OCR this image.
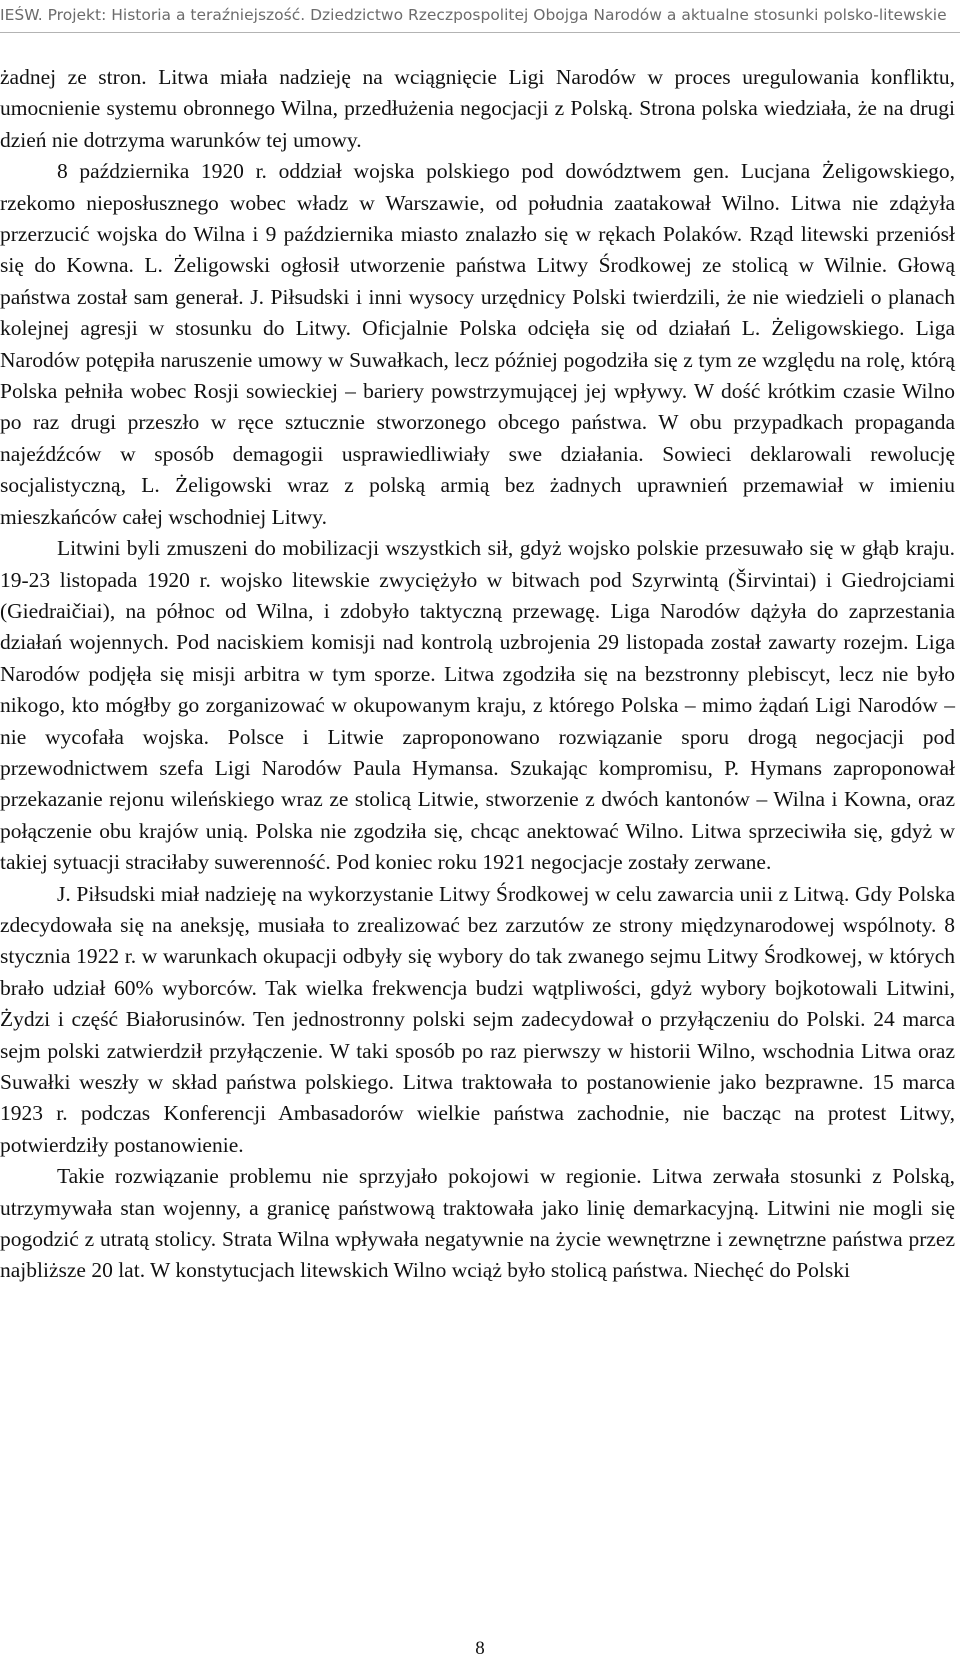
IEŚW. Projekt: Historia a teraźniejszość. Dziedzictwo Rzeczpospolitej Obojga Narodów a aktualne stosunki polsko-litewskie

żadnej ze stron. Litwa miała nadzieję na wciągnięcie Ligi Narodów w proces uregulowania konfliktu, umocnienie systemu obronnego Wilna, przedłużenia negocjacji z Polską. Strona polska wiedziała, że na drugi dzień nie dotrzyma warunków tej umowy.

8 października 1920 r. oddział wojska polskiego pod dowództwem gen. Lucjana Żeligowskiego, rzekomo nieposłusznego wobec władz w Warszawie, od południa zaatakował Wilno. Litwa nie zdążyła przerzucić wojska do Wilna i 9 października miasto znalazło się w rękach Polaków. Rząd litewski przeniósł się do Kowna. L. Żeligowski ogłosił utworzenie państwa Litwy Środkowej ze stolicą w Wilnie. Głową państwa został sam generał. J. Piłsudski i inni wysocy urzędnicy Polski twierdzili, że nie wiedzieli o planach kolejnej agresji w stosunku do Litwy. Oficjalnie Polska odcięła się od działań L. Żeligowskiego. Liga Narodów potępiła naruszenie umowy w Suwałkach, lecz później pogodziła się z tym ze względu na rolę, którą Polska pełniła wobec Rosji sowieckiej – bariery powstrzymującej jej wpływy. W dość krótkim czasie Wilno po raz drugi przeszło w ręce sztucznie stworzonego obcego państwa. W obu przypadkach propaganda najeźdźców w sposób demagogii usprawiedliwiały swe działania. Sowieci deklarowali rewolucję socjalistyczną, L. Żeligowski wraz z polską armią bez żadnych uprawnień przemawiał w imieniu mieszkańców całej wschodniej Litwy.

Litwini byli zmuszeni do mobilizacji wszystkich sił, gdyż wojsko polskie przesuwało się w głąb kraju. 19-23 listopada 1920 r. wojsko litewskie zwyciężyło w bitwach pod Szyrwintą (Širvintai) i Giedrojciami (Giedraičiai), na północ od Wilna, i zdobyło taktyczną przewagę. Liga Narodów dążyła do zaprzestania działań wojennych. Pod naciskiem komisji nad kontrolą uzbrojenia 29 listopada został zawarty rozejm. Liga Narodów podjęła się misji arbitra w tym sporze. Litwa zgodziła się na bezstronny plebiscyt, lecz nie było nikogo, kto mógłby go zorganizować w okupowanym kraju, z którego Polska – mimo żądań Ligi Narodów – nie wycofała wojska. Polsce i Litwie zaproponowano rozwiązanie sporu drogą negocjacji pod przewodnictwem szefa Ligi Narodów Paula Hymansa. Szukając kompromisu, P. Hymans zaproponował przekazanie rejonu wileńskiego wraz ze stolicą Litwie, stworzenie z dwóch kantonów – Wilna i Kowna, oraz połączenie obu krajów unią. Polska nie zgodziła się, chcąc anektować Wilno. Litwa sprzeciwiła się, gdyż w takiej sytuacji straciłaby suwerenność. Pod koniec roku 1921 negocjacje zostały zerwane.

J. Piłsudski miał nadzieję na wykorzystanie Litwy Środkowej w celu zawarcia unii z Litwą. Gdy Polska zdecydowała się na aneksję, musiała to zrealizować bez zarzutów ze strony międzynarodowej wspólnoty. 8 stycznia 1922 r. w warunkach okupacji odbyły się wybory do tak zwanego sejmu Litwy Środkowej, w których brało udział 60% wyborców. Tak wielka frekwencja budzi wątpliwości, gdyż wybory bojkotowali Litwini, Żydzi i część Białorusinów. Ten jednostronny polski sejm zadecydował o przyłączeniu do Polski. 24 marca sejm polski zatwierdził przyłączenie. W taki sposób po raz pierwszy w historii Wilno, wschodnia Litwa oraz Suwałki weszły w skład państwa polskiego. Litwa traktowała to postanowienie jako bezprawne. 15 marca 1923 r. podczas Konferencji Ambasadorów wielkie państwa zachodnie, nie bacząc na protest Litwy, potwierdziły postanowienie.

Takie rozwiązanie problemu nie sprzyjało pokojowi w regionie. Litwa zerwała stosunki z Polską, utrzymywała stan wojenny, a granicę państwową traktowała jako linię demarkacyjną. Litwini nie mogli się pogodzić z utratą stolicy. Strata Wilna wpływała negatywnie na życie wewnętrzne i zewnętrzne państwa przez najbliższe 20 lat. W konstytucjach litewskich Wilno wciąż było stolicą państwa. Niechęć do Polski

8
